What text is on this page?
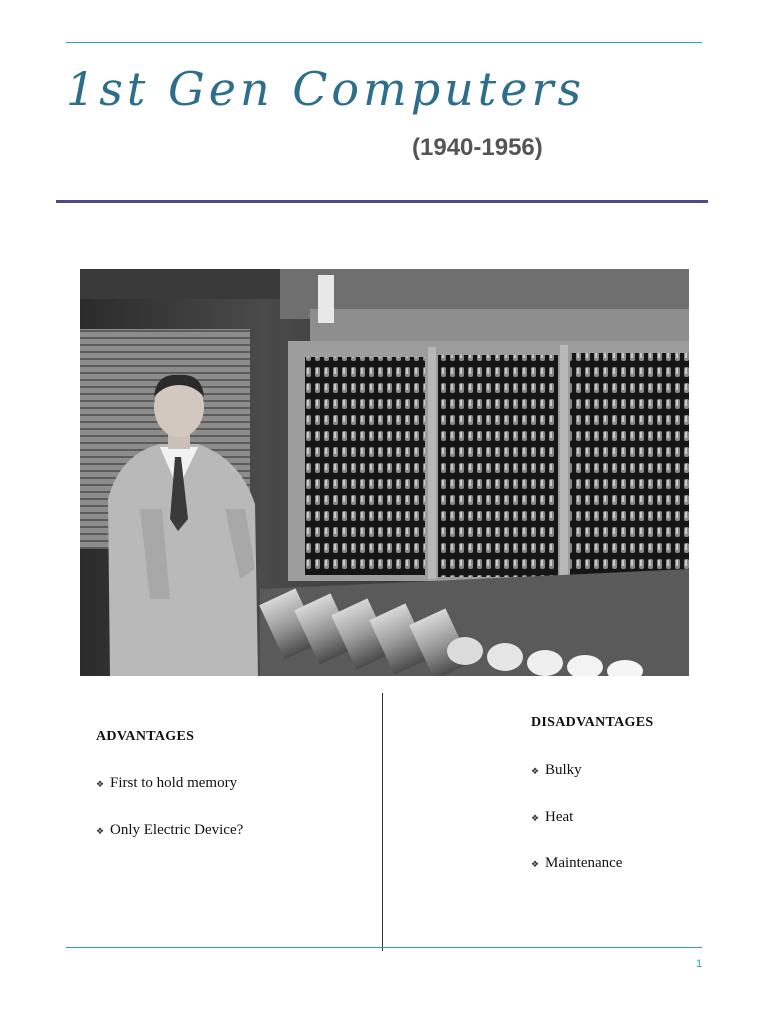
1st Gen Computers
(1940-1956)
ADVANTAGES
❖ First to hold memory
❖ Only Electric Device?
DISADVANTAGES
❖ Bulky
❖ Heat
❖ Maintenance
1
